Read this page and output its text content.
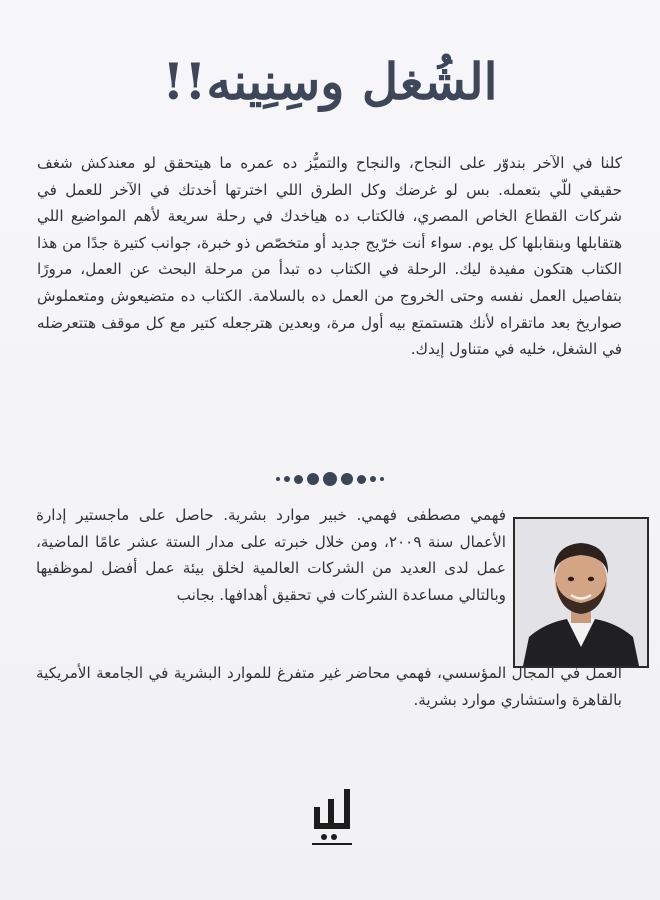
الشُغل وسِنِينه!!

كلنا في الآخر بندوّر على النجاح، والنجاح والتميُّز ده عمره ما هيتحقق لو معندكش شغف حقيقي للّي بتعمله. بس لو غرضك وكل الطرق اللي اخترتها أخدتك في الآخر للعمل في شركات القطاع الخاص المصري، فالكتاب ده هياخدك في رحلة سريعة لأهم المواضيع اللي هتقابلها وبنقابلها كل يوم. سواء أنت خرّيج جديد أو متخصّص ذو خبرة، جوانب كتيرة جدًا من هذا الكتاب هتكون مفيدة ليك. الرحلة في الكتاب ده تبدأ من مرحلة البحث عن العمل، مرورًا بتفاصيل العمل نفسه وحتى الخروج من العمل ده بالسلامة. الكتاب ده متضيعوش ومتعملوش صواريخ بعد ماتقراه لأنك هتستمتع بيه أول مرة، وبعدين هترجعله كتير مع كل موقف هتتعرضله في الشغل، خليه في متناول إيدك.

فهمي مصطفى فهمي. خبير موارد بشرية. حاصل على ماجستير إدارة الأعمال سنة ٢٠٠٩، ومن خلال خبرته على مدار الستة عشر عامًا الماضية، عمل لدى العديد من الشركات العالمية لخلق بيئة عمل أفضل لموظفيها وبالتالي مساعدة الشركات في تحقيق أهدافها. بجانب

العمل في المجال المؤسسي، فهمي محاضر غير متفرغ للموارد البشرية في الجامعة الأمريكية بالقاهرة واستشاري موارد بشرية.
